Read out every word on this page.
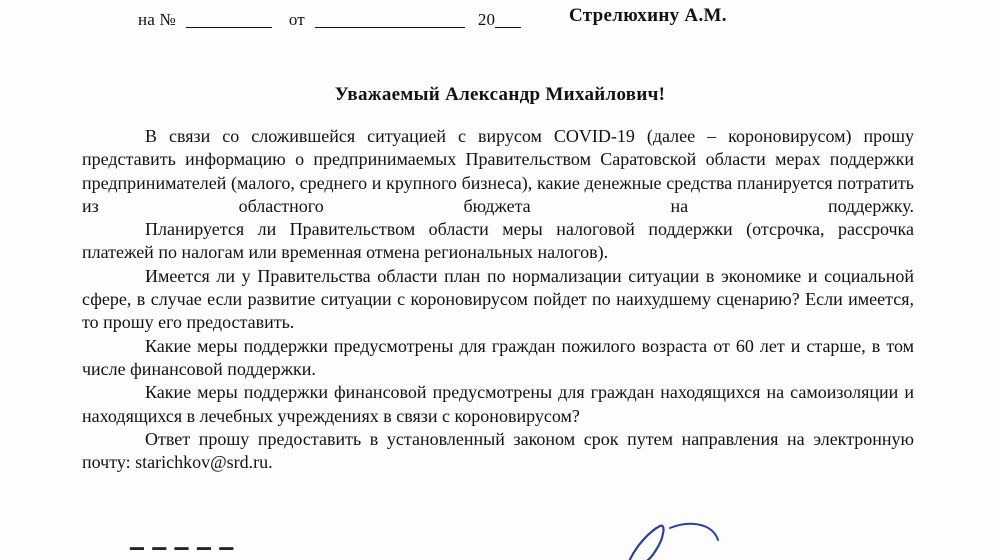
на №	от	20	Стрелюхину А.М.
Уважаемый Александр Михайлович!

В связи со сложившейся ситуацией с вирусом COVID-19 (далее – короновирусом) прошу представить информацию о предпринимаемых Правительством Саратовской области мерах поддержки предпринимателей (малого, среднего и крупного бизнеса), какие денежные средства планируется потратить из областного бюджета на поддержку.

Планируется ли Правительством области меры налоговой поддержки (отсрочка, рассрочка платежей по налогам или временная отмена региональных налогов).

Имеется ли у Правительства области план по нормализации ситуации в экономике и социальной сфере, в случае если развитие ситуации с короновирусом пойдет по наихудшему сценарию? Если имеется, то прошу его предоставить.

Какие меры поддержки предусмотрены для граждан пожилого возраста от 60 лет и старше, в том числе финансовой поддержки.

Какие меры поддержки финансовой предусмотрены для граждан находящихся на самоизоляции и находящихся в лечебных учреждениях в связи с короновирусом?

Ответ прошу предоставить в установленный законом срок путем направления на электронную почту: starichkov@srd.ru.

▔ ▔ ▔ ▔ ▔
